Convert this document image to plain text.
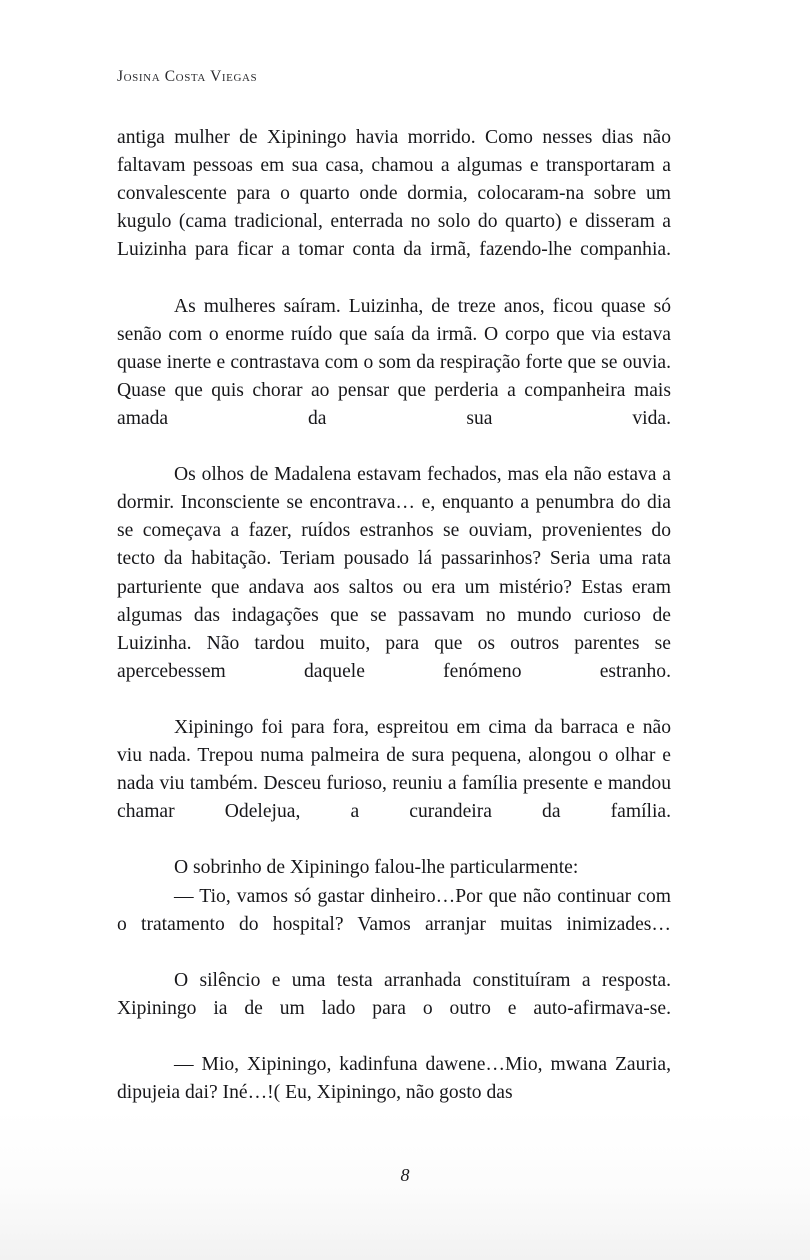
Josina Costa Viegas

antiga mulher de Xipiningo havia morrido. Como nesses dias não faltavam pessoas em sua casa, chamou a algumas e transportaram a convalescente para o quarto onde dormia, colocaram-na sobre um kugulo (cama tradicional, enterrada no solo do quarto) e disseram a Luizinha para ficar a tomar conta da irmã, fazendo-lhe companhia.

As mulheres saíram. Luizinha, de treze anos, ficou quase só senão com o enorme ruído que saía da irmã. O corpo que via estava quase inerte e contrastava com o som da respiração forte que se ouvia. Quase que quis chorar ao pensar que perderia a companheira mais amada da sua vida.

Os olhos de Madalena estavam fechados, mas ela não estava a dormir. Inconsciente se encontrava… e, enquanto a penumbra do dia se começava a fazer, ruídos estranhos se ouviam, provenientes do tecto da habitação. Teriam pousado lá passarinhos? Seria uma rata parturiente que andava aos saltos ou era um mistério? Estas eram algumas das indagações que se passavam no mundo curioso de Luizinha. Não tardou muito, para que os outros parentes se apercebessem daquele fenómeno estranho.

Xipiningo foi para fora, espreitou em cima da barraca e não viu nada. Trepou numa palmeira de sura pequena, alongou o olhar e nada viu também. Desceu furioso, reuniu a família presente e mandou chamar Odelejua, a curandeira da família.

O sobrinho de Xipiningo falou-lhe particularmente:

— Tio, vamos só gastar dinheiro…Por que não continuar com o tratamento do hospital? Vamos arranjar muitas inimizades…

O silêncio e uma testa arranhada constituíram a resposta. Xipiningo ia de um lado para o outro e auto-afirmava-se.

— Mio, Xipiningo, kadinfuna dawene…Mio, mwana Zauria, dipujeia dai? Iné…!( Eu, Xipiningo, não gosto das

8
